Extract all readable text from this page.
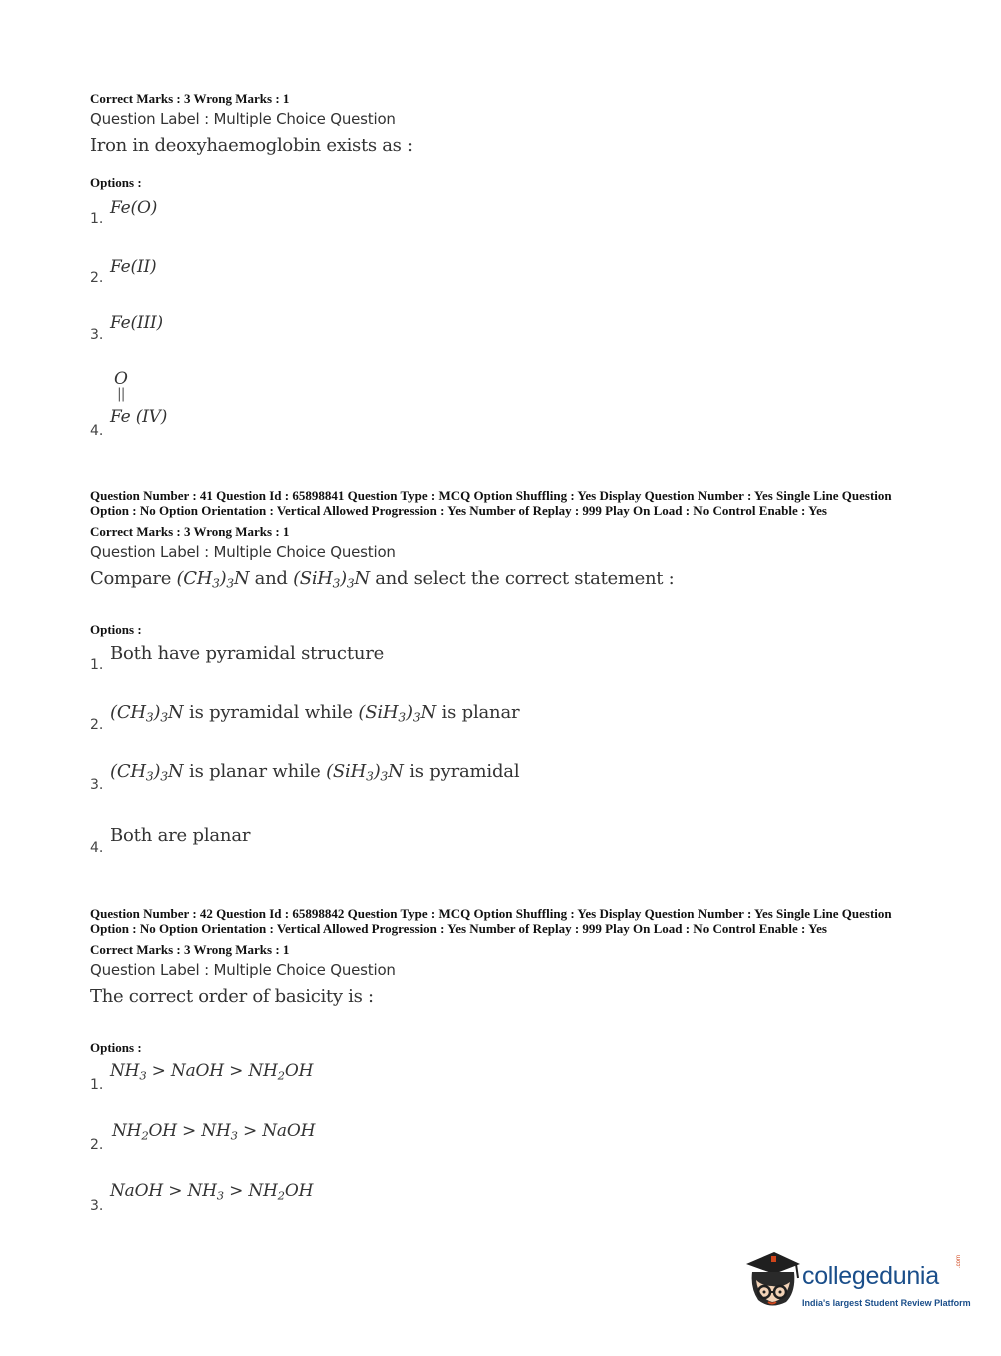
Correct Marks : 3 Wrong Marks : 1

Question Label : Multiple Choice Question

Iron in deoxyhaemoglobin exists as :

Options :

1.
Fe(O)
2.
Fe(II)
3.
Fe(III)
4.
O
||
Fe (IV)

Question Number : 41 Question Id : 65898841 Question Type : MCQ Option Shuffling : Yes Display Question Number : Yes Single Line Question Option : No Option Orientation : Vertical Allowed Progression : Yes Number of Replay : 999 Play On Load : No Control Enable : Yes

Correct Marks : 3 Wrong Marks : 1

Question Label : Multiple Choice Question

Compare $(CH_3)_3N$ and $(SiH_3)_3N$ and select the correct statement :

Options :

1.
Both have pyramidal structure
2.
$(CH_3)_3N$ is pyramidal while $(SiH_3)_3N$ is planar
3.
$(CH_3)_3N$ is planar while $(SiH_3)_3N$ is pyramidal
4.
Both are planar

Question Number : 42 Question Id : 65898842 Question Type : MCQ Option Shuffling : Yes Display Question Number : Yes Single Line Question Option : No Option Orientation : Vertical Allowed Progression : Yes Number of Replay : 999 Play On Load : No Control Enable : Yes

Correct Marks : 3 Wrong Marks : 1

Question Label : Multiple Choice Question

The correct order of basicity is :

Options :

1.
$NH_3$ > NaOH > $NH_2OH$
2.
$NH_2OH > NH_3$ > NaOH
3.
NaOH > $NH_3 > NH_2OH$
collegedunia
.com
India's largest Student Review Platform
